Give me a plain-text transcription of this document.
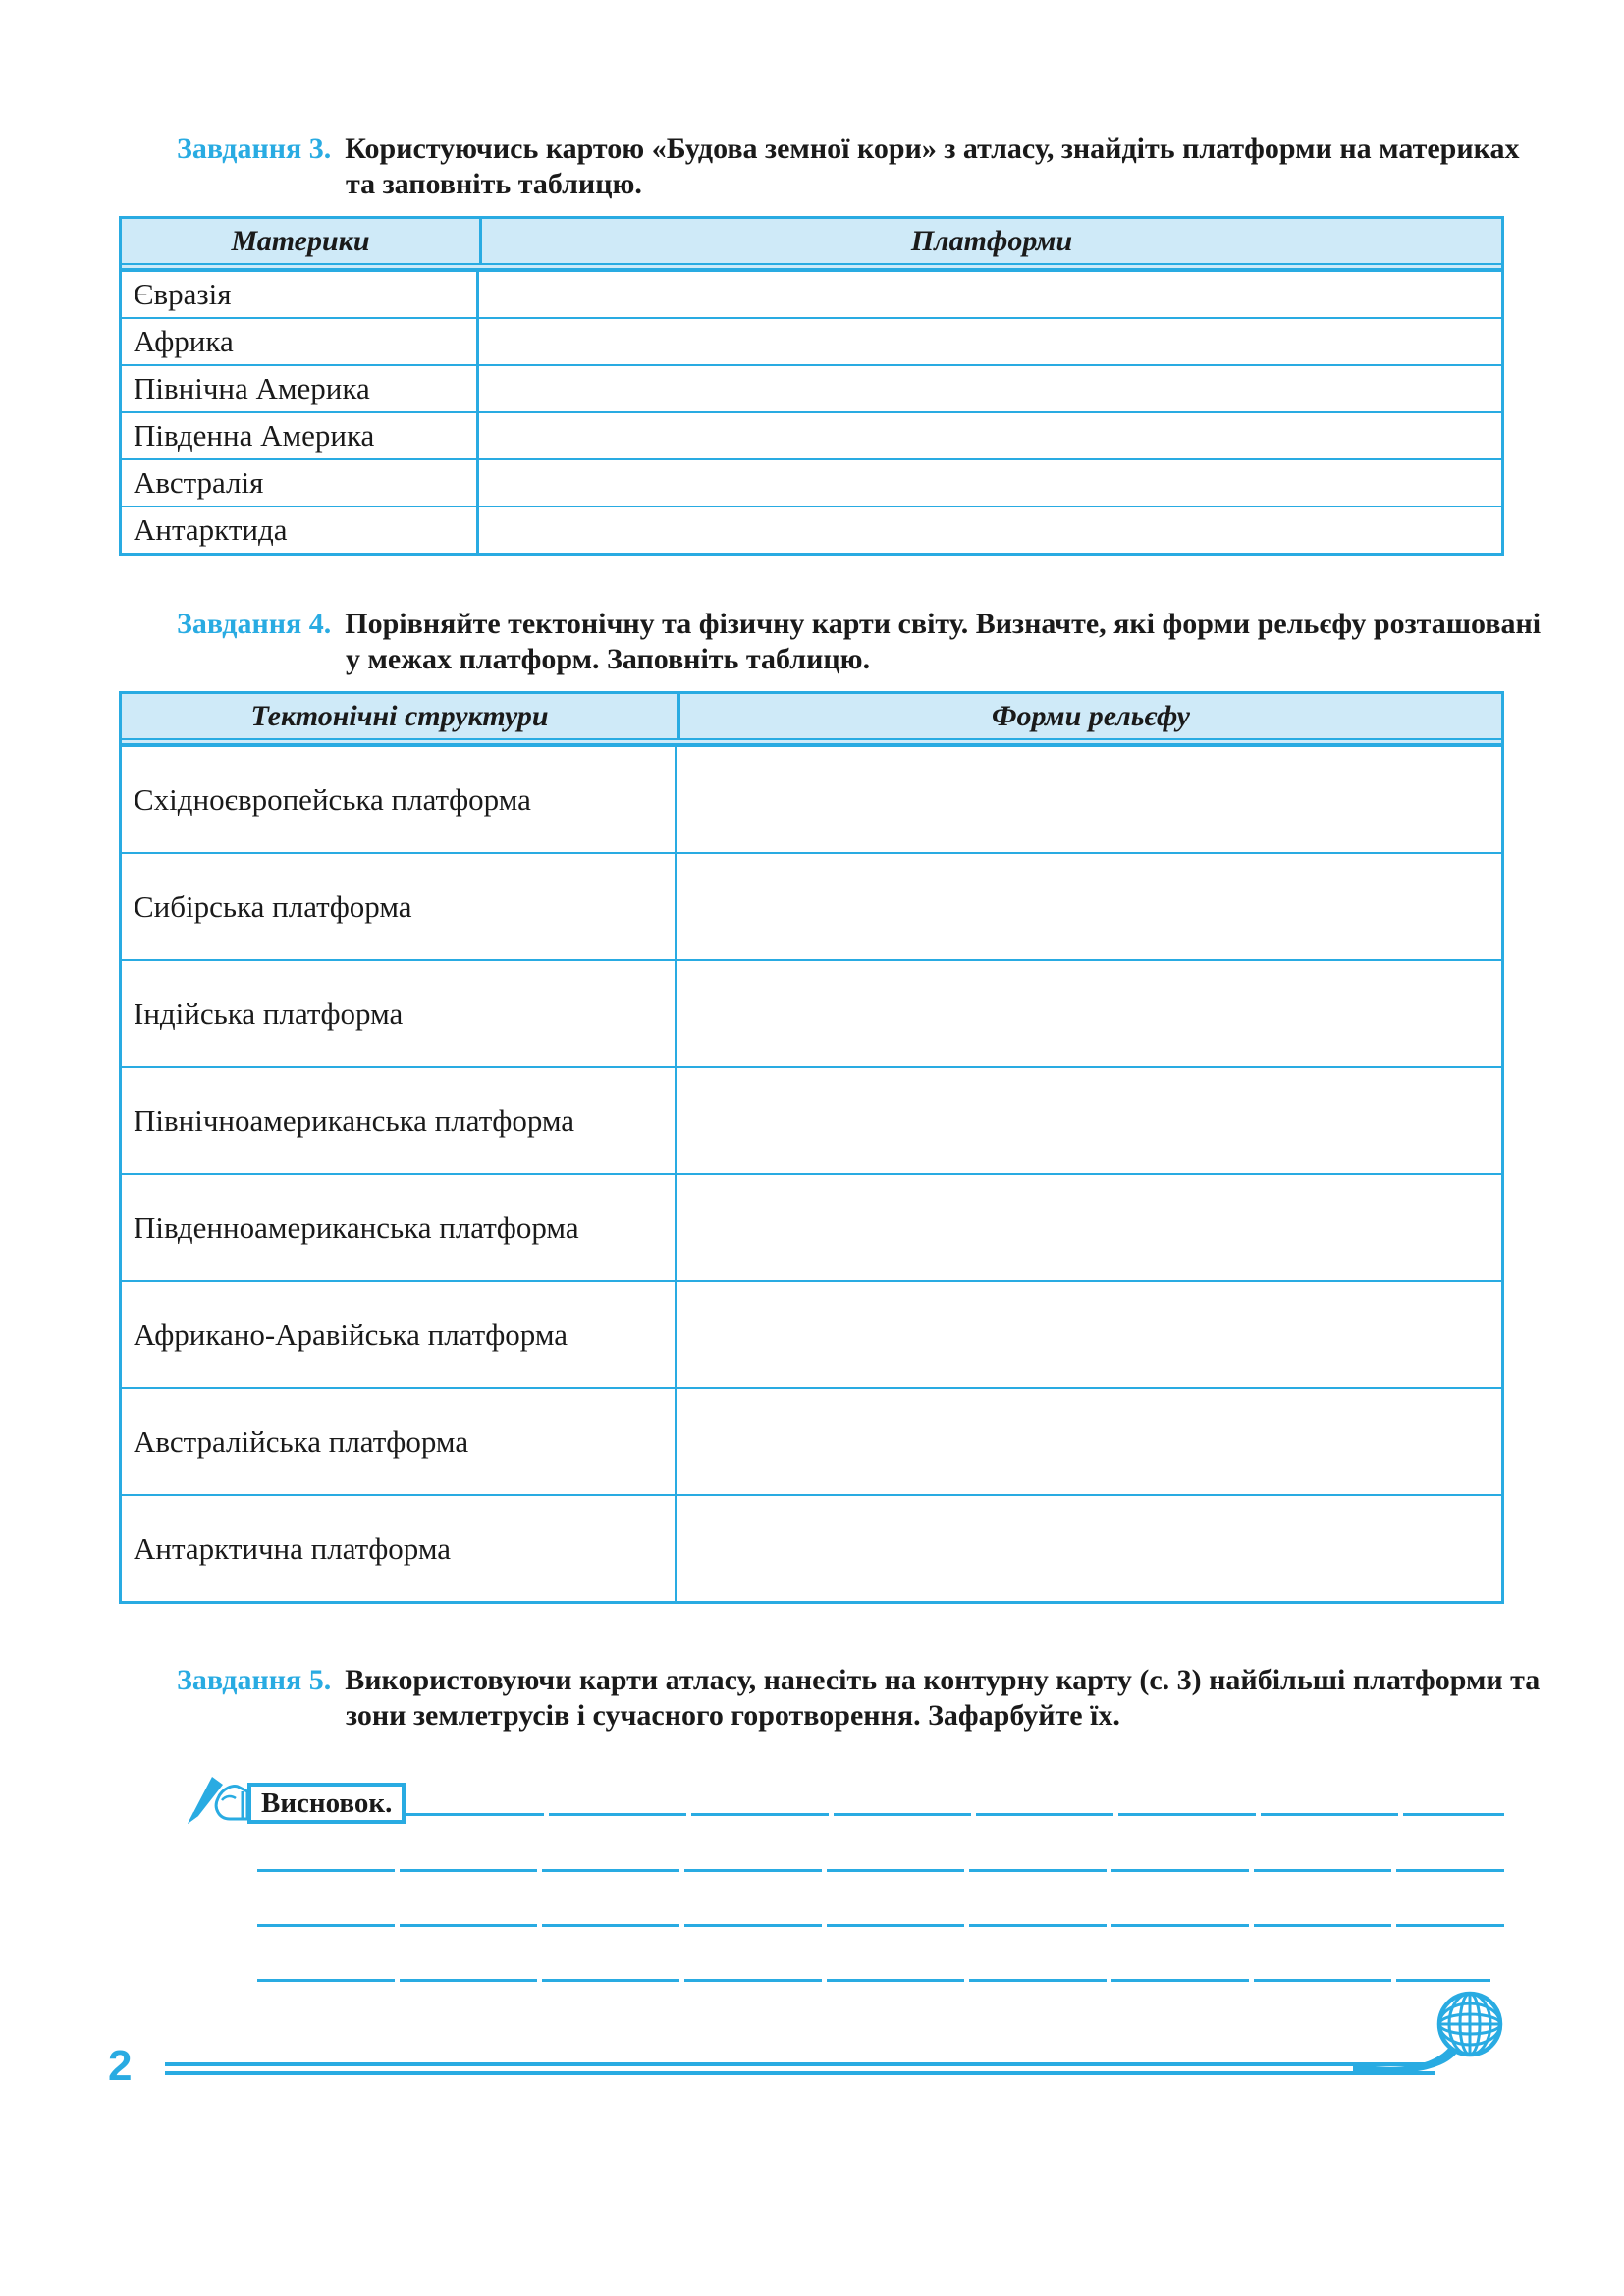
Завдання 3. Користуючись картою «Будова земної кори» з атласу, знайдіть платформи на материках
та заповніть таблицю.
Материки	Платформи
Євразія
Африка
Північна Америка
Південна Америка
Австралія
Антарктида
Завдання 4. Порівняйте тектонічну та фізичну карти світу. Визначте, які форми рельєфу розташовані
у межах платформ. Заповніть таблицю.
Тектонічні структури	Форми рельєфу
Східноєвропейська платформа
Сибірська платформа
Індійська платформа
Північноамериканська платформа
Південноамериканська платформа
Африкано-Аравійська платформа
Австралійська платформа
Антарктична платформа
Завдання 5. Використовуючи карти атласу, нанесіть на контурну карту (с. 3) найбільші платформи та
зони землетрусів і сучасного горотворення. Зафарбуйте їх.
Висновок.
2
